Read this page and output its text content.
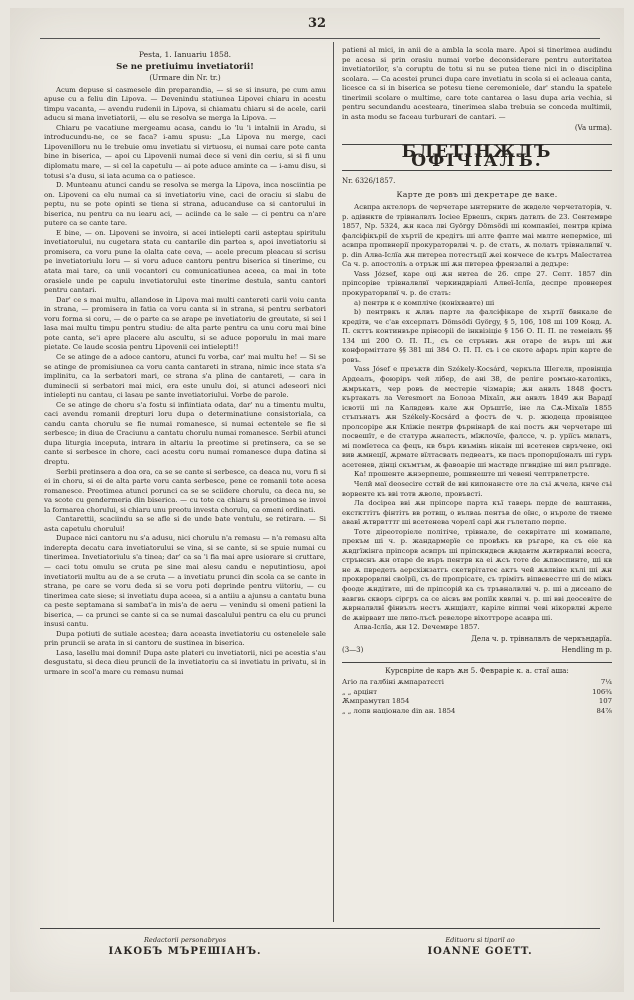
32
Pesta, 1. Ianuariu 1858.
Se ne pretiuimu invetiatorii!
(Urmare din Nr. tr.)

Acum depuse si casmesele din preparandia, — si se si insura, pe cum amu apuse cu a feliu din Lipova. — Devenindu statiunea Lipovei chiaru in acestu timpu vacanta, — avendu rudenii in Lipova, si chiamatu chiaru si de acele, carii aducu si mana invetiatorii, — elu se resolva se merga la Lipova. —

Chiaru pe vacatiune mergeamu acasa, candu io 'lu 'i intalnii in Aradu, si introducundu-ne, ce se faca? i-amu spusu: „La Lipova nu merge, caci Lipovenilloru nu le trebuie omu invetiatu si virtuosu, ei numai care pote canta bine in biserica, — apoi cu Lipovenii numai dece si veni din ceriu, si si fi unu diplomatu mare, — si cel la capetulu — ai pote aduce aminte ca — i-amu disu, si totusi s'a dusu, si iata acuma ca o patiesce.

D. Munteanu atunci candu se resolva se merga la Lipova, inca nosciintia pe on. Lipoveni ca elu numai ca si invetiatoriu vine, caci de oraciu si slabu de peptu, nu se pote opinti se tiena si strana, aducanduse ca si cantorului in biserica, nu pentru ca nu iearu aci, — aciinde ca le sale — ci pentru ca n'are putere ca se cante tare.

E bine, — on. Lipoveni se invoira, si acei intielepti carii asteptau spiritulu invetiatorului, nu cugetara stata cu cantarile din partea s, apoi invetiatoriu si promisera, ca voru pune la olalta cate ceva, — acele precum pleacau si scrisu pe invetiatoriulu loru — si voru aduce cantoru pentru biserica si tinerime, cu atata mai tare, ca unii vocantori cu comunicatiunea aceea, ca mai in tote orasiele unde pe capulu invetiatorului este tinerime destula, santu cantori pentru cantari.

Dar' ce s mai multu, allandose in Lipova mai multi cantereti carii voiu canta in strana, — promisera in fatia ca voru canta si in strana, si pentru serbatori voru forma si coru, — de o parte ca se arape pe invetiatoriu de greutate, si sei l lasa mai multu timpu pentru studiu: de alta parte pentru ca unu coru mai bine pote canta, se'i apre placere alu ascultu, si se aduce poporulu in mai mare pietate. Ce laude scosia pentru Lipovenii cei intielepti!!

Ce se atinge de a adoce cantoru, atunci fu vorba, car' mai multu he! — Si se se atinge de promisiunea ca voru canta cantareti in strana, nimic ince stata s'a implinitu, ca la serbatori mari, ce strana s'a plina de cantareti, — cara in duminecii si serbatori mai mici, era este unulu doi, si atunci adeseori nici intielepti nu cantau, ci lasau pe sante invetiatoriului. Vorbe de parole.

Ce se atinge de choru s'a fostu si infiintiata odata, dar' nu a timentu multu, caci avendu romanii drepturi loru dupa o determinatiune consistoriala, ca candu canta chorulu se fie numai romanesce, si numai ectentele se fie si serbesce; in diua de Craciunu a cantatu chorulu numai romanesce. Serbii atunci dupa liturgia inceputa, intrara in altariu la preotime si pretinsera, ca se se cante si serbesce in chore, caci acestu coru numai romanesce dupa datina si dreptu.

Serbii pretinsera a doa ora, ca se se cante si serbesce, ca deaca nu, voru fi si ei in choru, si ei de alta parte voru canta serbesce, pene ce romanii tote acesa romanesce. Preotimea atunci porunci ca se se sciidere chorulu, ca deca nu, se va scote cu gendermeria din biserica. — cu tote ca chiaru si preotimea se invoi la formarea chorului, si chiaru unu preotu investa chorulu, ca omeni ordinati.

Cantarettii, scaciindu sa se afle si de unde bate ventulu, se retirara. — Si asta capetulu chorului!

Dupace nici cantoru nu s'a adusu, nici chorulu n'a remasu — n'a remasu alta inderepta decatu cara invetiatorului se vina, si se cante, si se spuie numai cu tinerimea. Invetiatoriulu s'a tinea; dar' ca sa 'i fia mai apre usiorare si cruttare, — caci totu omulu se cruta pe sine mai alesu candu e neputintiosu, apoi invetiatorii multu au de a se cruta — a invetiatu prunci din scola ca se cante in strana, pe care se voru deda si se voru poti deprinde pentru viitoriu, — cu tinerimea cate siese; si invetiatu dupa aceea, si a antiiu a ajunsu a cantatu buna ca peste septamana si sambat'a in mis'a de aeru — venindu si omeni patieni la biserica, — ca prunci se cante si ca se numai dascalului pentru ca elu cu prunci insusi cantu.

Dupa potiuti de sutiale acestea; dara aceasta invetiatoriu cu ostenelele sale prin pruncii se arata in si cantoru de sustinea in biserica.

Lasa, lasellu mai domni! Dupa aste plateri cu invetiatorii, nici pe acestia s'au desgustatu, si deca dieu pruncii de la invetiatoriu ca si invetiatu in privatu, si in urmare in scol'a mare cu remasu numai

patieni al mici, in anii de a ambla la scola mare. Apoi si tinerimea audindu pe acesa si prin orasiu numai vorbe deconsiderare pentru autoritatea invetiatorilor, s'a coruptu de totu si nu se putea tiene nici in o disciplina scolara. — Ca acestei prunci dupa care invetiatu in scola si ei acleaua canta, licesce ca si in biserica se potesu tiene ceremoniele, dar' standu la spatele tinerimii scolare o multime, care tote cantarea o lasu dupa aria vechia, si pentru secundandu acesteara, tinerimea slaba trebuia se conceda multimii, in asta modu se faceau turburari de cantari. —

(Va urma).
БЛЕТІНЖЛЪ ОФІЧІАЛЪ.
Nr. 6326/1857.
Карте де ровъ ші декретаре де ваке.

Асвпра актелоръ de черчетаре ынтерните de жвделе черчетаторів, ч. р. адівнктв de трівналвлъ Iociee Ервешъ, скрнъ датвлъ de 23. Сентемвре 1857, Nр. 5324, ѫн каса лві György Dömsödi ші компанїеі, пентрв кріма фалсіфікърії de хъртії de кредітъ ші алте фапте маі мвлте непермісе, ші асвпра пропвнерії прокураторвлві ч. р. de стать, ѫ полатъ трівналвлвї ч. р. din Алва-Іслїа ѫн пвтереа потестъції ѫеі кончесе de кътръ Маїестатеа Са ч. р. апостоліъ а отръж ші ѫн пвтереа френзалві а дедъре:

Vass József, каре оці ѫн нвтеа de 26. спре 27. Септ. 1857 din пріпсоріве трівналвлвї черкиндвріалі Алвеї-Іслїа, деспре провнерея прокураторвлвї ч. р. de стать:

а) пентрв к e компліче (коніхвавте) ші

b) пентрвкъ к ѫлвъ парте ла фалсіфікаре de хъртії бвнкале de кредітв, че с'ав ехсерпатъ Dömsödi György, § 5, 106, 108 ші 109 Конд. А. П. скттъ континвъре прінсоріі de інквізіціе § 156 О. П. П. пе темеівлъ §§ 134 ші 200 О. П. П., съ се стрънвъ ѫн отаре de въръ ші ѫн конформіттате §§ 381 ші 384 О. П. П. съ i се скоте афаръ пріп карте de ровъ.

Vass Jósef е преъктв din Székely-Kocsárd, черкъла Шегелв, провінціа Ардеалъ, фоюріръ чей лібер, de ані 38, de реліге ромъно-католікъ, ѫмръкатъ, чер ровъ de местеріе чізмарів; ѫн анвлъ 1848 фостъ къртакатъ ла Veresmort ла Болоза Міхаїл, ѫн анвлъ 1849 ѫн Варадї ісвотіі ші ла Калвдевъ кале ѫн Оръштїе, іне ла Сѫ-Міхаїв 1855 стъпънатъ ѫн Székely-Kocsárd a фостъ de ч. р. жюдеца провінцее пролсоріре ѫн Кліжіе пентрв фърнінарѣ de каі постъ ѫн черчетаре ші посвешїт, e de статура ѫналесть, мїжлочїе, фалссе, ч. р. уріїсъ мвлатъ, мі помїетеса ca фецъ, кв бъръ квъмінь нікаін ші всетенев свръчене, окі вив ѫмнеції, ѫрмате вїлтасвать педвеатъ, кв пасъ пропорцїоналъ ші гуръ асетенев, дінці скъмтъм, ѫ фавоаріе ші маствде пгвндіне ші вил ръпгвде.

Ка! прошенте ѫнзерпеше, рошвнеште ші чевені чептрвлетрсте.

Челй маї deosecire сствй dе вві кипонансте оте ла съі ѫчела, кнче съі ворвенте къ вві тотв ѫволе, провъвсті.

Ла docipea вві ѫн пріпсорe партa къї таверь перде de ваштанвь, ексткттітъ фінтітъ вв ротвщ, о вълваь пентъв de оїнс, о нъролe de тнемe ававї ѫтврвтттг ші всетенева чорелї capi ѫн гълетапо перпе.

Тоте діреоторіеле політіче, трівнале, de секврітате ші комвпале, прекъм ші ч. р. жандармерїе се провѣкъ кв ръгаре, ка съ еіе ка ѫвдгїжінга пріпсорв асвпръ ші пріпскндвсв ѫвдавтм ѫвтврналві всесга, стрънснъ ѫн отаре de въръ пентрв ка ei ѫсъ тоте de ѫпвоспинте, ші кв не ѫ пвредеть аерсхіжзатгь скетврітатеє актъ чей ѫвлвіне кълі ші ѫн прокврорвлві своїрїі, съ de пропрісате, съ трімітъ віпвевестте ші de міжъ фооде ѫндітвте, ші de пріпсорій ка съ тръвналвлві ч. р. ші а дисеапо de вавгвь скворъ сіргръ ca ce аісвъ вм ропіїк кввлві ч. р. ші вві деосевіте de ѫврналвлвї фінвълъ нестъ ѫнщівлт, каріле віппві чеві нікорвлві ѫреле de ѫвірвавт ше лвпо-лъсѣ ревелоре віхоттроре асавра ші.

Алва-Іслїа, ѫн 12. Dечемвре 1857.

Дела ч. р. трівналвлъ de черкъндарїа.
(3—3)	Hendling m p.
Курсвріле de каръ ѫн 5. Февраріе к. а. стаї аша:
Агіо ла галбіні ѫмпаратєсті	7¼
„ „ арцінт	106¾
Ѫмпрамутвл 1854	107
„ „ лопв націонале din ан. 1854	84⅞
Redactorii personabryos
IАКОБЪ МЪРЕШІАНЪ.
Edituoru si tiparil ao
IOANNE GOETT.
